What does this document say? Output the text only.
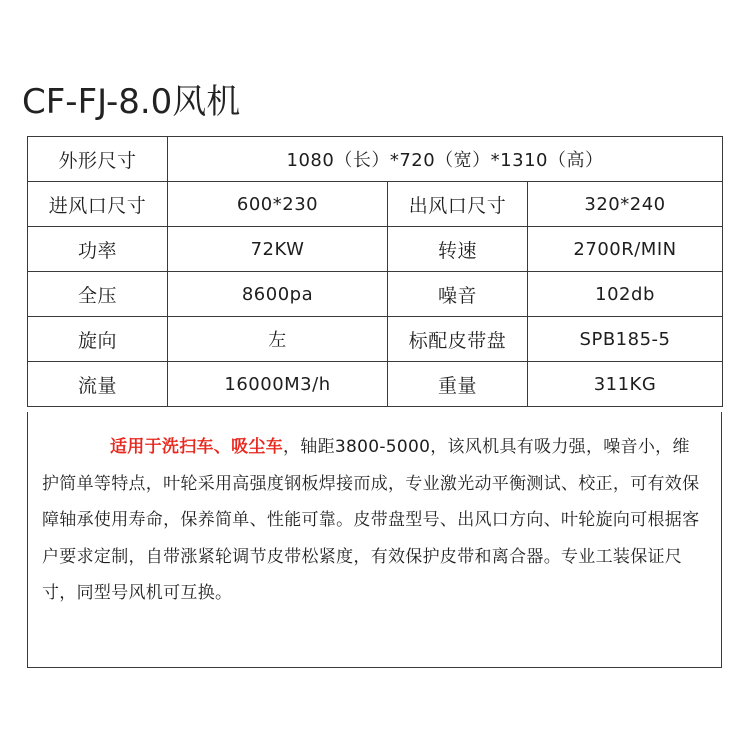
CF-FJ-8.0风机
外形尺寸	1080（长）*720（宽）*1310（高）		
进风口尺寸	600*230	出风口尺寸	320*240
功率	72KW	转速	2700R/MIN
全压	8600pa	噪音	102db
旋向	左	标配皮带盘	SPB185-5
流量	16000M3/h	重量	311KG

适用于洗扫车、吸尘车，轴距3800-5000，该风机具有吸力强，噪音小，维护简单等特点，叶轮采用高强度钢板焊接而成，专业激光动平衡测试、校正，可有效保障轴承使用寿命，保养简单、性能可靠。皮带盘型号、出风口方向、叶轮旋向可根据客户要求定制，自带涨紧轮调节皮带松紧度，有效保护皮带和离合器。专业工装保证尺寸，同型号风机可互换。
